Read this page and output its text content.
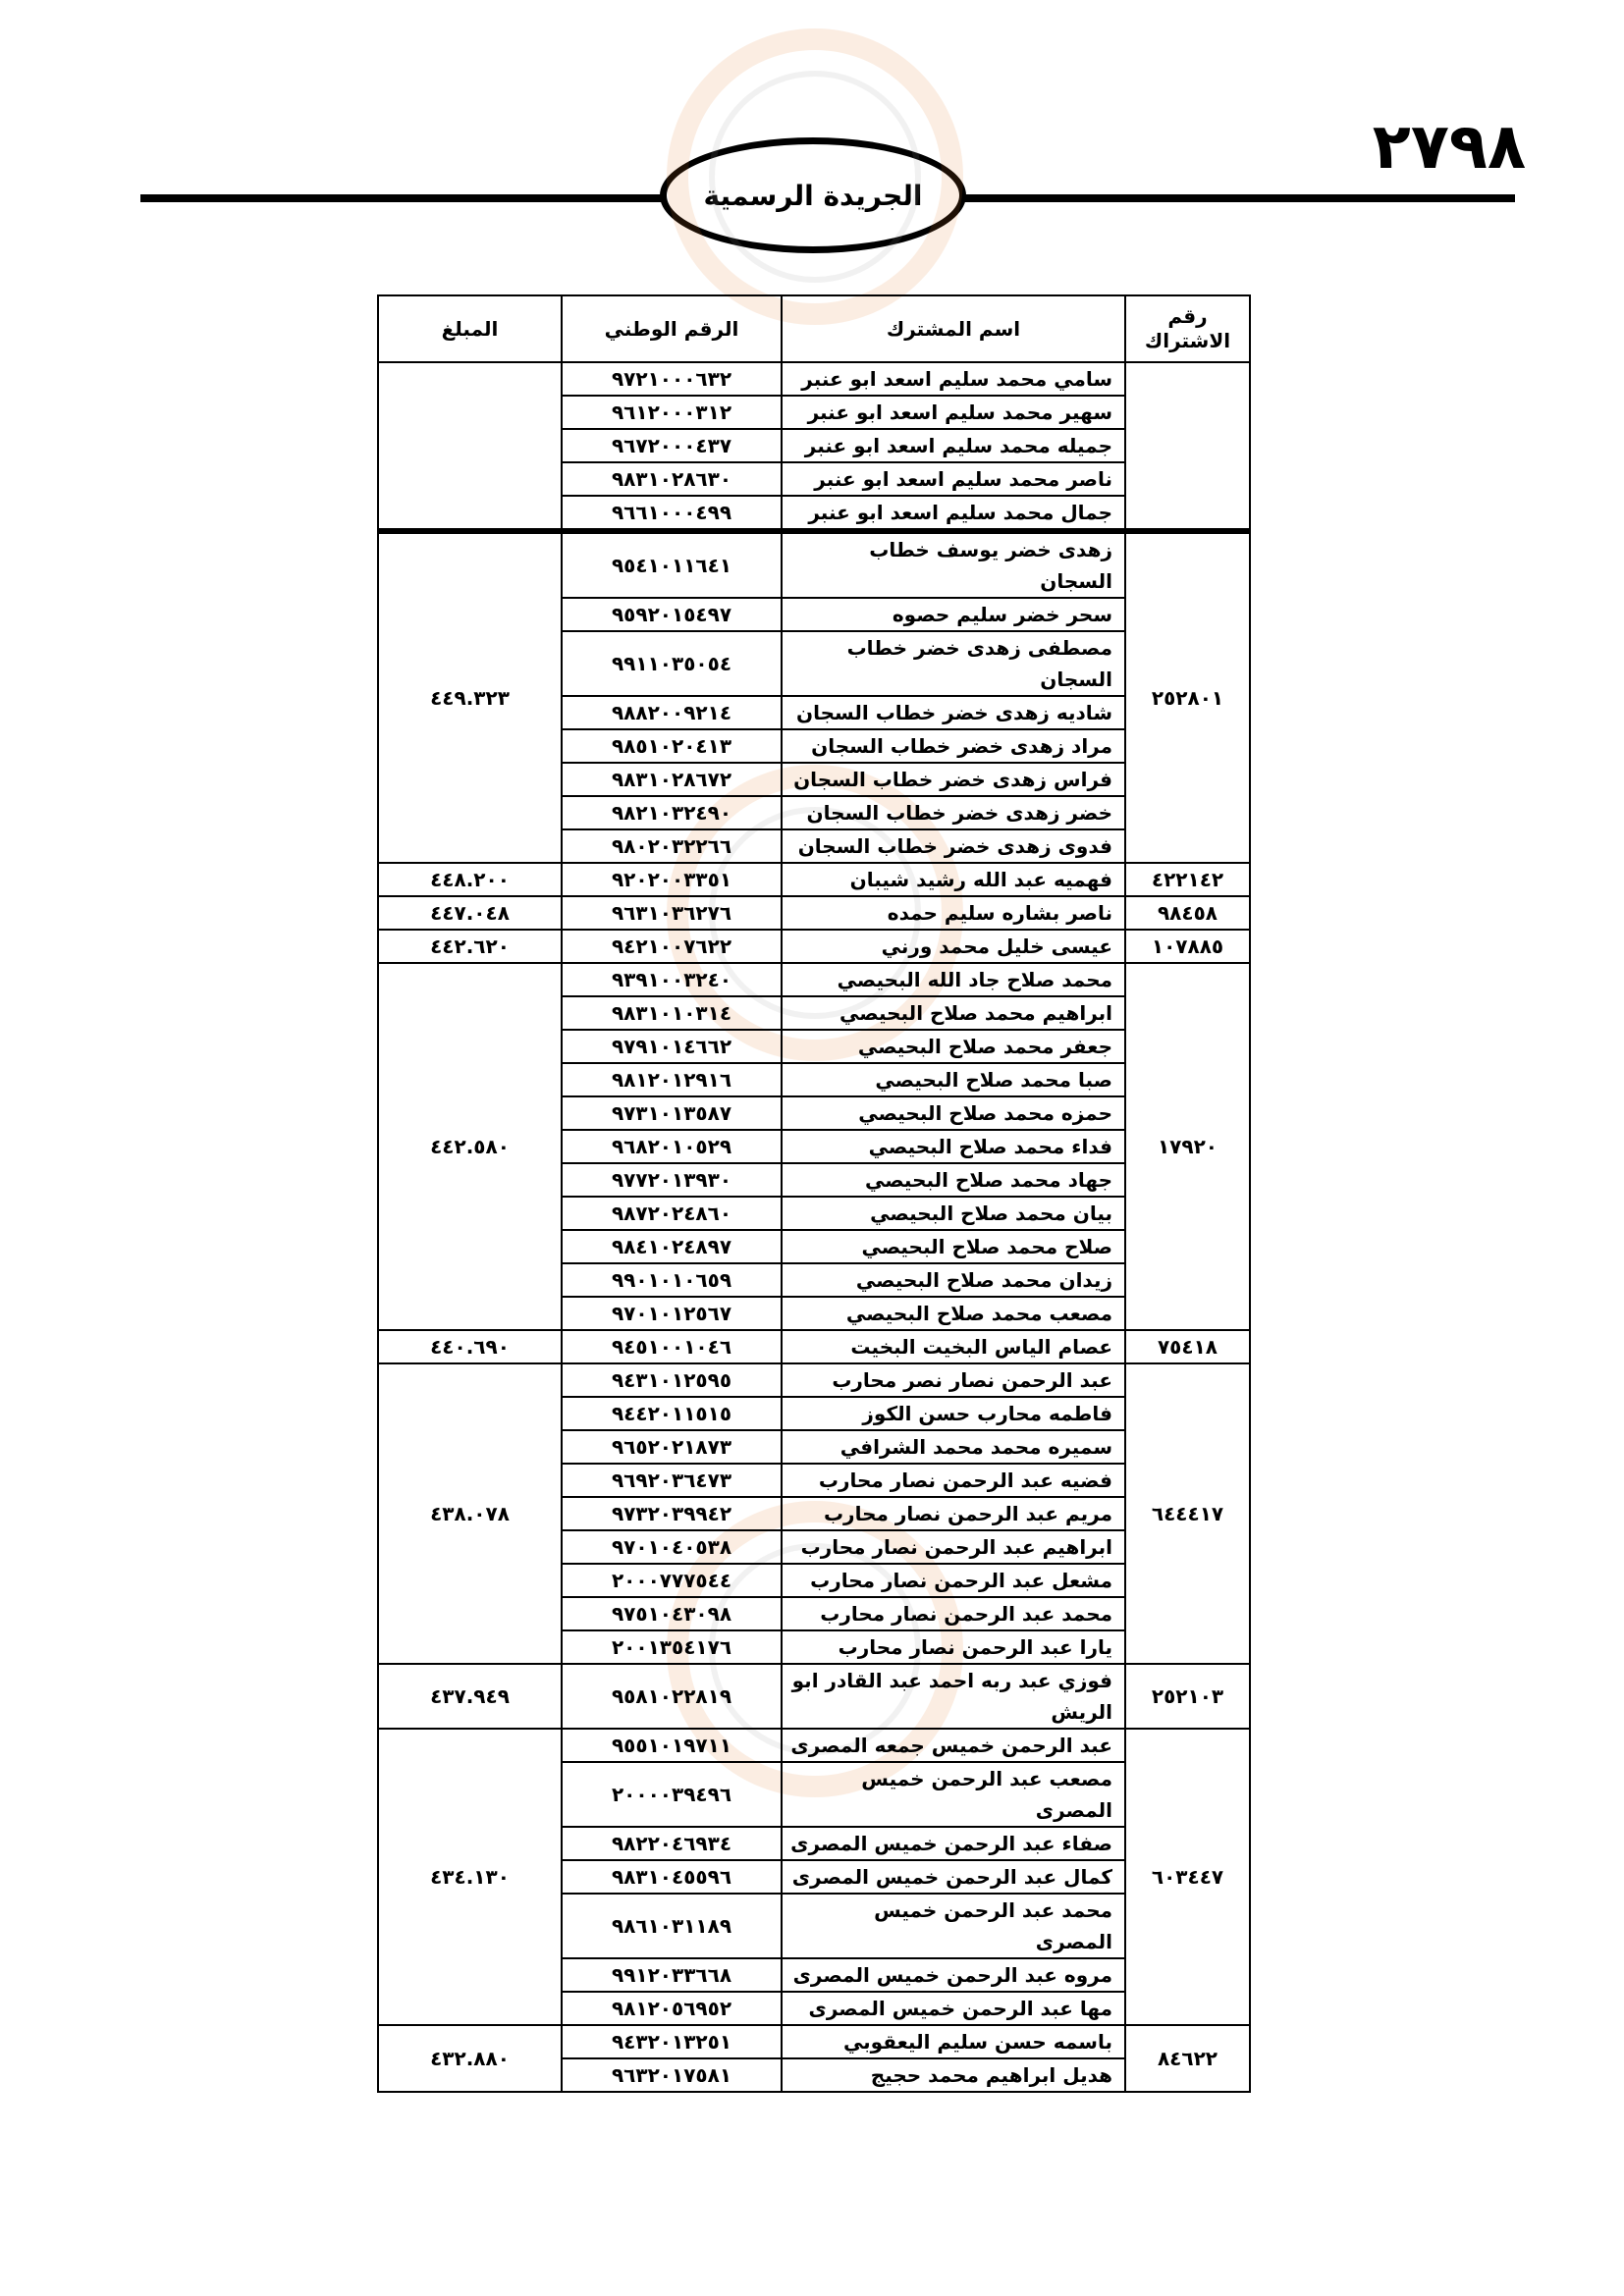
٢٧٩٨
الجريدة الرسمية
رقم الاشتراك	اسم المشترك	الرقم الوطني	المبلغ
	سامي محمد سليم اسعد ابو عنبر	٩٧٢١٠٠٠٦٣٢	
	سهير محمد سليم اسعد ابو عنبر	٩٦١٢٠٠٠٣١٢	
	جميله محمد سليم اسعد ابو عنبر	٩٦٧٢٠٠٠٤٣٧	
	ناصر محمد سليم اسعد ابو عنبر	٩٨٣١٠٢٨٦٣٠	
	جمال محمد سليم اسعد ابو عنبر	٩٦٦١٠٠٠٤٩٩	
٢٥٢٨٠١	زهدى خضر يوسف خطاب السجان	٩٥٤١٠١١٦٤١	٤٤٩.٣٢٣
	سحر خضر سليم حصوه	٩٥٩٢٠١٥٤٩٧	
	مصطفى زهدى خضر خطاب السجان	٩٩١١٠٣٥٠٥٤	
	شاديه زهدى خضر خطاب السجان	٩٨٨٢٠٠٩٢١٤	
	مراد زهدى خضر خطاب السجان	٩٨٥١٠٢٠٤١٣	
	فراس زهدى خضر خطاب السجان	٩٨٣١٠٢٨٦٧٢	
	خضر زهدى خضر خطاب السجان	٩٨٢١٠٣٢٤٩٠	
	فدوى زهدى خضر خطاب السجان	٩٨٠٢٠٣٢٢٦٦	
٤٢٢١٤٢	فهميه عبد الله رشيد شيبان	٩٢٠٢٠٠٣٣٥١	٤٤٨.٢٠٠
٩٨٤٥٨	ناصر بشاره سليم حمده	٩٦٣١٠٣٦٢٧٦	٤٤٧.٠٤٨
١٠٧٨٨٥	عيسى خليل محمد ورني	٩٤٢١٠٠٧٦٢٢	٤٤٢.٦٢٠
١٧٩٢٠	محمد صلاح جاد الله البحيصي	٩٣٩١٠٠٣٢٤٠	٤٤٢.٥٨٠
	ابراهيم محمد صلاح البحيصي	٩٨٣١٠١٠٣١٤	
	جعفر محمد صلاح البحيصي	٩٧٩١٠١٤٦٦٢	
	صبا محمد صلاح البحيصي	٩٨١٢٠١٢٩١٦	
	حمزه محمد صلاح البحيصي	٩٧٣١٠١٣٥٨٧	
	فداء محمد صلاح البحيصي	٩٦٨٢٠١٠٥٢٩	
	جهاد محمد صلاح البحيصي	٩٧٧٢٠١٣٩٣٠	
	بيان محمد صلاح البحيصي	٩٨٧٢٠٢٤٨٦٠	
	صلاح محمد صلاح البحيصي	٩٨٤١٠٢٤٨٩٧	
	زيدان محمد صلاح البحيصي	٩٩٠١٠١٠٦٥٩	
	مصعب محمد صلاح البحيصي	٩٧٠١٠١٢٥٦٧	
٧٥٤١٨	عصام الياس البخيت البخيت	٩٤٥١٠٠١٠٤٦	٤٤٠.٦٩٠
٦٤٤٤١٧	عبد الرحمن نصار نصر محارب	٩٤٣١٠١٢٥٩٥	٤٣٨.٠٧٨
	فاطمه محارب حسن الكوز	٩٤٤٢٠١١٥١٥	
	سميره محمد محمد الشرافي	٩٦٥٢٠٢١٨٧٣	
	فضيه عبد الرحمن نصار محارب	٩٦٩٢٠٣٦٤٧٣	
	مريم عبد الرحمن نصار محارب	٩٧٣٢٠٣٩٩٤٢	
	ابراهيم عبد الرحمن نصار محارب	٩٧٠١٠٤٠٥٣٨	
	مشعل عبد الرحمن نصار محارب	٢٠٠٠٧٧٧٥٤٤	
	محمد عبد الرحمن نصار محارب	٩٧٥١٠٤٣٠٩٨	
	يارا عبد الرحمن نصار محارب	٢٠٠١٣٥٤١٧٦	
٢٥٢١٠٣	فوزي عبد ربه احمد عبد القادر ابو الريش	٩٥٨١٠٢٢٨١٩	٤٣٧.٩٤٩
٦٠٣٤٤٧	عبد الرحمن خميس جمعه المصرى	٩٥٥١٠١٩٧١١	٤٣٤.١٣٠
	مصعب عبد الرحمن خميس المصرى	٢٠٠٠٠٣٩٤٩٦	
	صفاء عبد الرحمن خميس المصرى	٩٨٢٢٠٤٦٩٣٤	
	كمال عبد الرحمن خميس المصرى	٩٨٣١٠٤٥٥٩٦	
	محمد عبد الرحمن خميس المصرى	٩٨٦١٠٣١١٨٩	
	مروه عبد الرحمن خميس المصرى	٩٩١٢٠٣٣٦٦٨	
	مها عبد الرحمن خميس المصرى	٩٨١٢٠٥٦٩٥٢	
٨٤٦٢٢	باسمه حسن سليم اليعقوبي	٩٤٣٢٠١٣٢٥١	٤٣٢.٨٨٠
	هديل ابراهيم محمد حجيج	٩٦٣٢٠١٧٥٨١	
